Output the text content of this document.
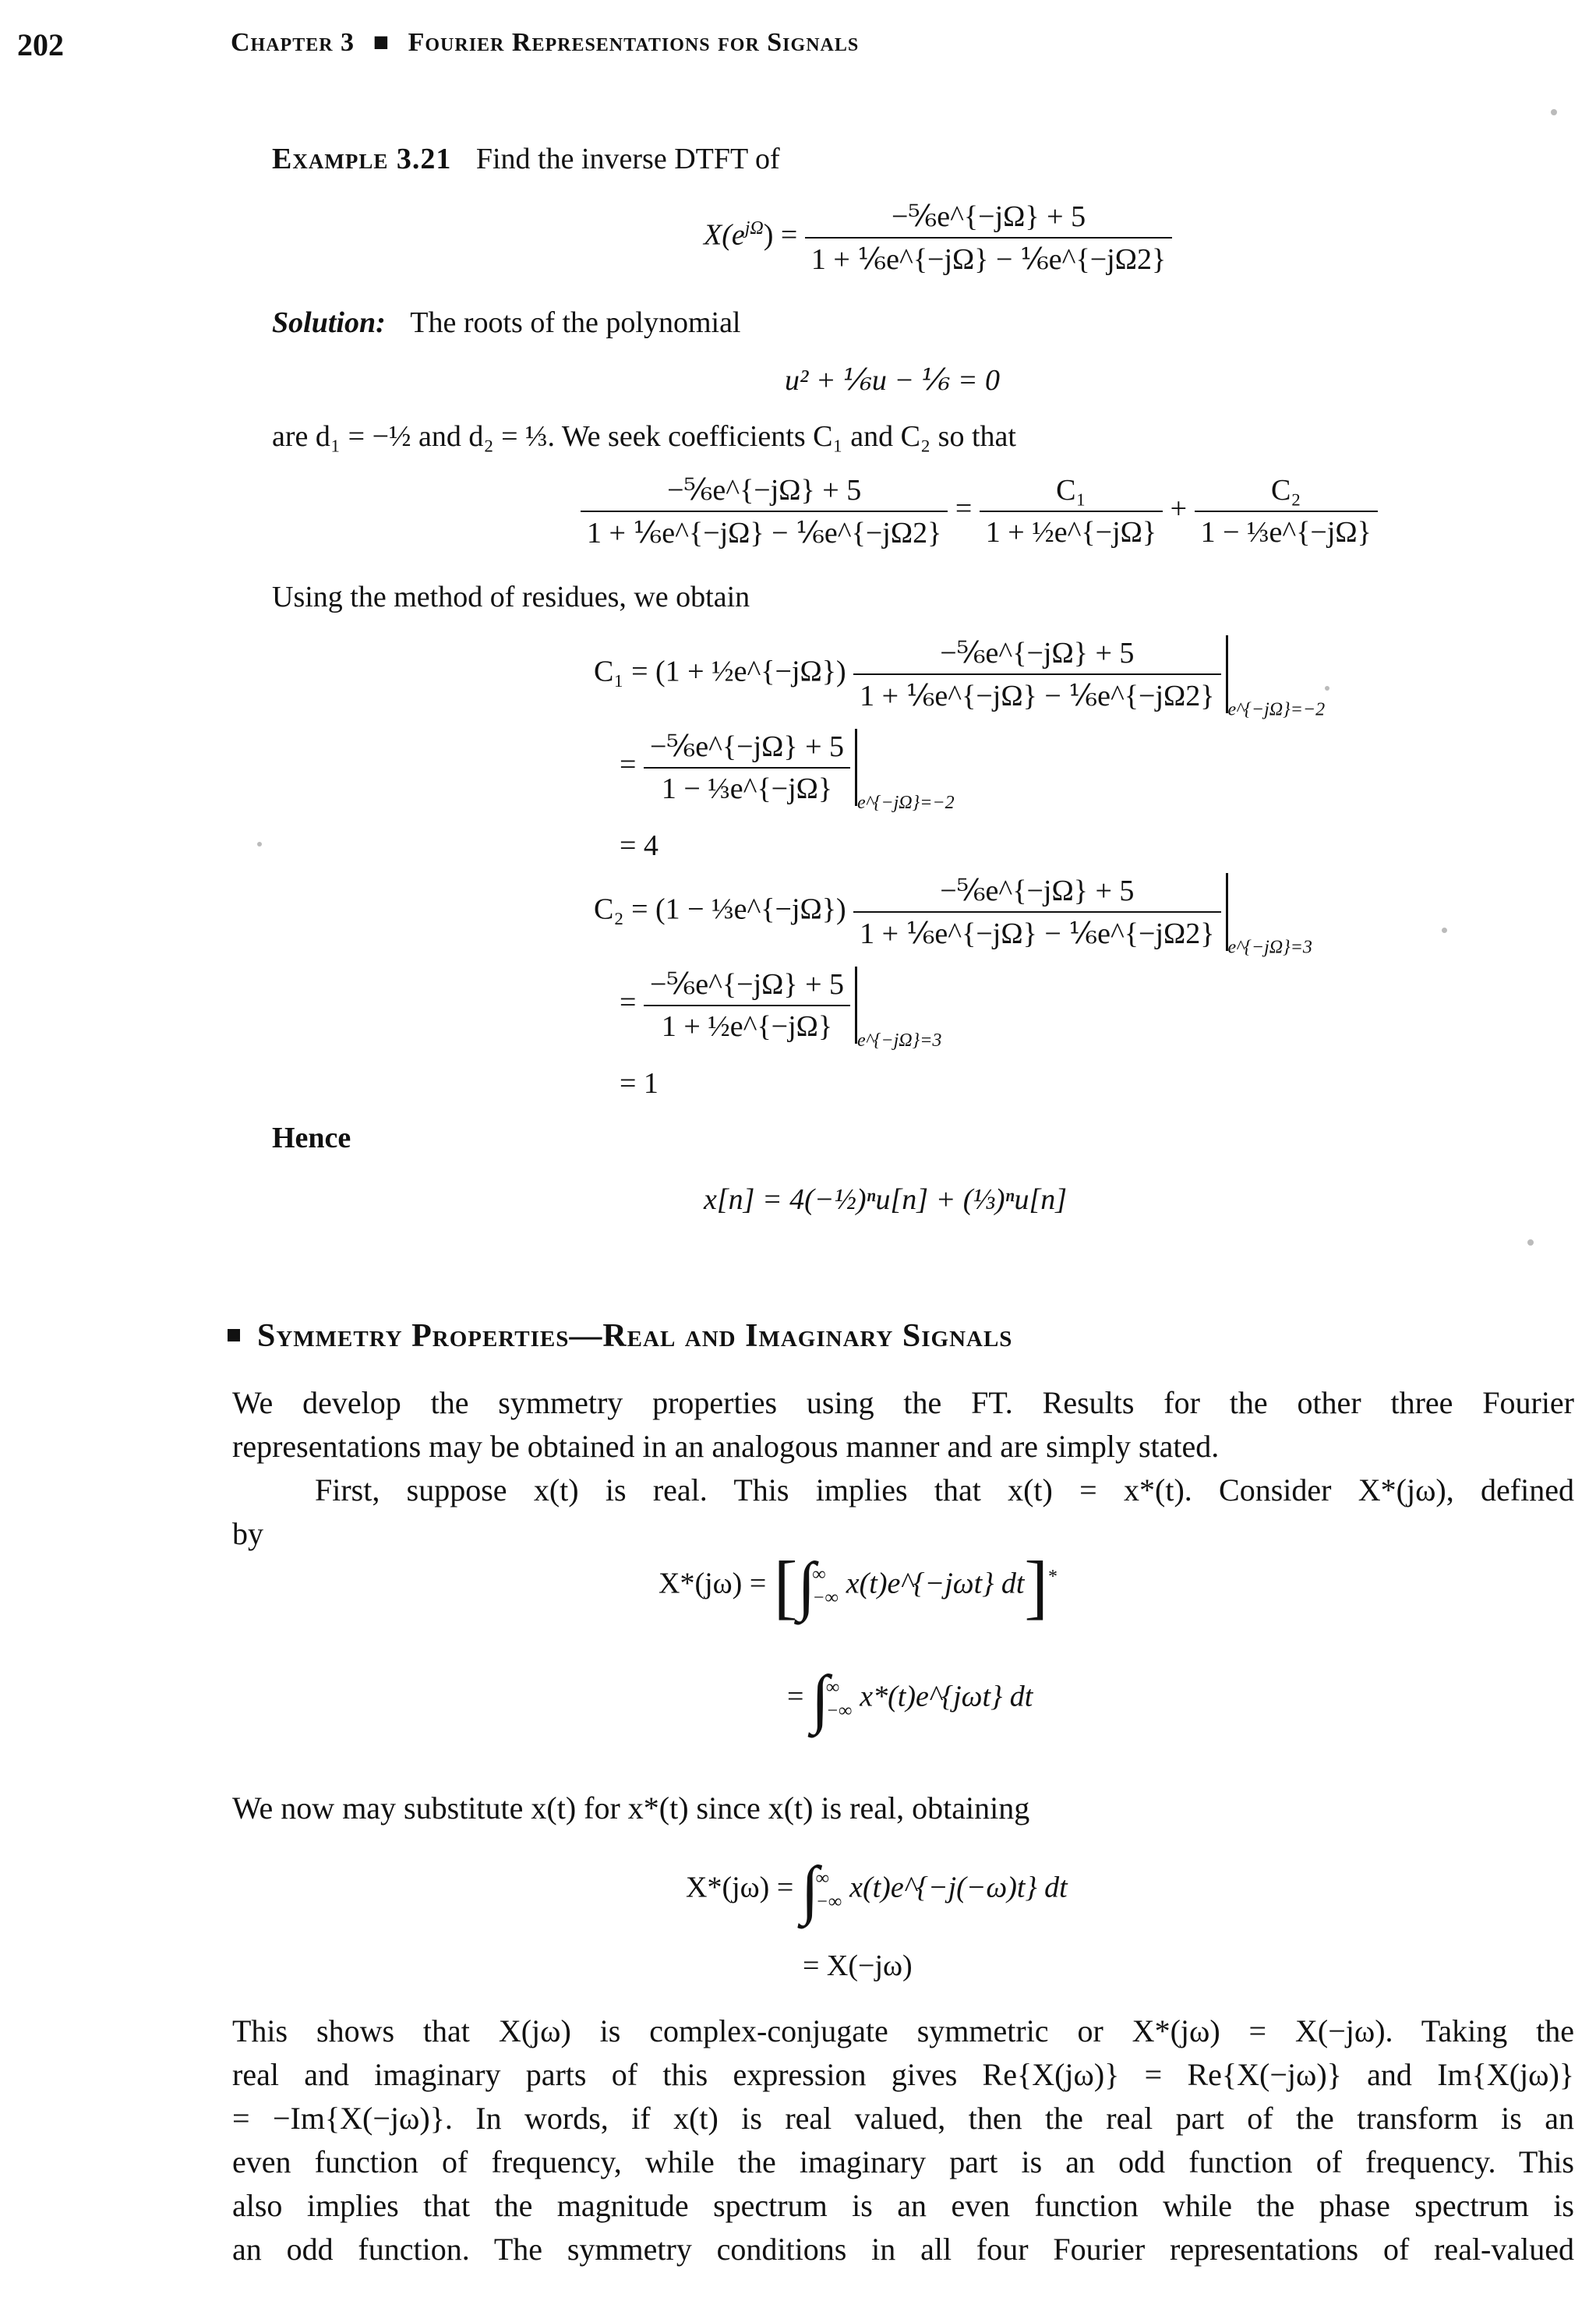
202	Chapter 3 ■ Fourier Representations for Signals
Example 3.21 Find the inverse DTFT of
$X(e^{j\Omega}) = \frac{\text{−⅚e\textasciicircum{}\{−jΩ\} + 5}}{\text{1 + ⅙e\textasciicircum{}\{−jΩ\} − ⅙e\textasciicircum{}\{−jΩ2\}}}$
Solution: The roots of the polynomial
u² + ⅙u − ⅙ = 0
are d₁ = −½ and d₂ = ⅓. We seek coefficients C₁ and C₂ so that
$\frac{\text{−⅚e\textasciicircum{}\{−jΩ\} + 5}}{\text{1 + ⅙e\textasciicircum{}\{−jΩ\} − ⅙e\textasciicircum{}\{−jΩ2\}}} = \frac{\text{C₁}}{\text{1 + ½e\textasciicircum{}\{−jΩ\}}} + \frac{\text{C₂}}{\text{1 − ⅓e\textasciicircum{}\{−jΩ\}}}$
Using the method of residues, we obtain
C₁ = (1 + ½e^{−jΩ}) $\frac{\text{−⅚e\textasciicircum{}\{−jΩ\} + 5}}{\text{1 + ⅙e\textasciicircum{}\{−jΩ\} − ⅙e\textasciicircum{}\{−jΩ2\}}} _{e\^{}\{-j\Omega\}=-2}$
= $\frac{\text{−⅚e\textasciicircum{}\{−jΩ\} + 5}}{\text{1 − ⅓e\textasciicircum{}\{−jΩ\}}} _{e\^{}\{-j\Omega\}=-2}$
= 4
C₂ = (1 − ⅓e^{−jΩ}) $\frac{\text{−⅚e\textasciicircum{}\{−jΩ\} + 5}}{\text{1 + ⅙e\textasciicircum{}\{−jΩ\} − ⅙e\textasciicircum{}\{−jΩ2\}}} _{e\^{}\{-j\Omega\}=3}$
= $\frac{\text{−⅚e\textasciicircum{}\{−jΩ\} + 5}}{\text{1 + ½e\textasciicircum{}\{−jΩ\}}} _{e\^{}\{-j\Omega\}=3}$
= 1
Hence
x[n] = 4(−½)ⁿu[n] + (⅓)ⁿu[n]
Symmetry Properties—Real and Imaginary Signals

We develop the symmetry properties using the FT. Results for the other three Fourier

representations may be obtained in an analogous manner and are simply stated.

First, suppose x(t) is real. This implies that x(t) = x*(t). Consider X*(jω), defined

by

X*(jω) = [∫∞
−∞ x(t)e^{−jωt} dt]*
= ∫∞
−∞ x*(t)e^{jωt} dt

We now may substitute x(t) for x*(t) since x(t) is real, obtaining

X*(jω) = ∫∞
−∞ x(t)e^{−j(−ω)t} dt
= X(−jω)

This shows that X(jω) is complex-conjugate symmetric or X*(jω) = X(−jω). Taking the

real and imaginary parts of this expression gives Re{X(jω)} = Re{X(−jω)} and Im{X(jω)}

= −Im{X(−jω)}. In words, if x(t) is real valued, then the real part of the transform is an

even function of frequency, while the imaginary part is an odd function of frequency. This

also implies that the magnitude spectrum is an even function while the phase spectrum is

an odd function. The symmetry conditions in all four Fourier representations of real-valued
